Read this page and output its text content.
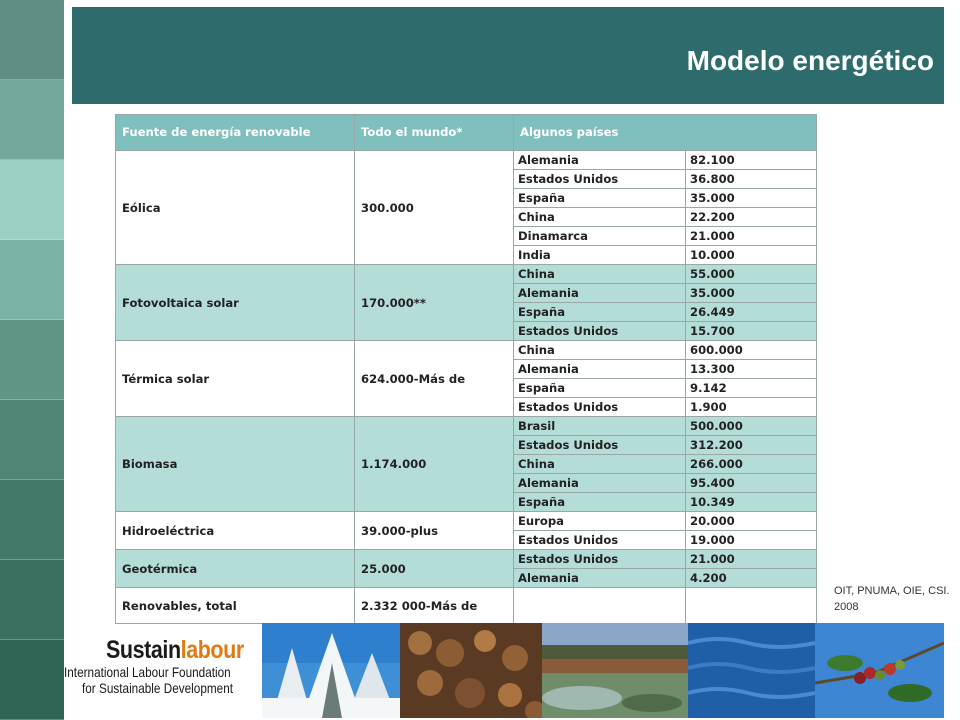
Modelo energético
Fuente de energía renovable	Todo el mundo*	Algunos países	
Eólica	300.000	Alemania	82.100
		Estados Unidos	36.800
		España	35.000
		China	22.200
		Dinamarca	21.000
		India	10.000
Fotovoltaica solar	170.000**	China	55.000
		Alemania	35.000
		España	26.449
		Estados Unidos	15.700
Térmica solar	624.000-Más de	China	600.000
		Alemania	13.300
		España	9.142
		Estados Unidos	1.900
Biomasa	1.174.000	Brasil	500.000
		Estados Unidos	312.200
		China	266.000
		Alemania	95.400
		España	10.349
Hidroeléctrica	39.000-plus	Europa	20.000
		Estados Unidos	19.000
Geotérmica	25.000	Estados Unidos	21.000
		Alemania	4.200
Renovables, total	2.332 000-Más de		
OIT, PNUMA, OIE, CSI. 2008
Sustainlabour
International Labour Foundation
for Sustainable Development
